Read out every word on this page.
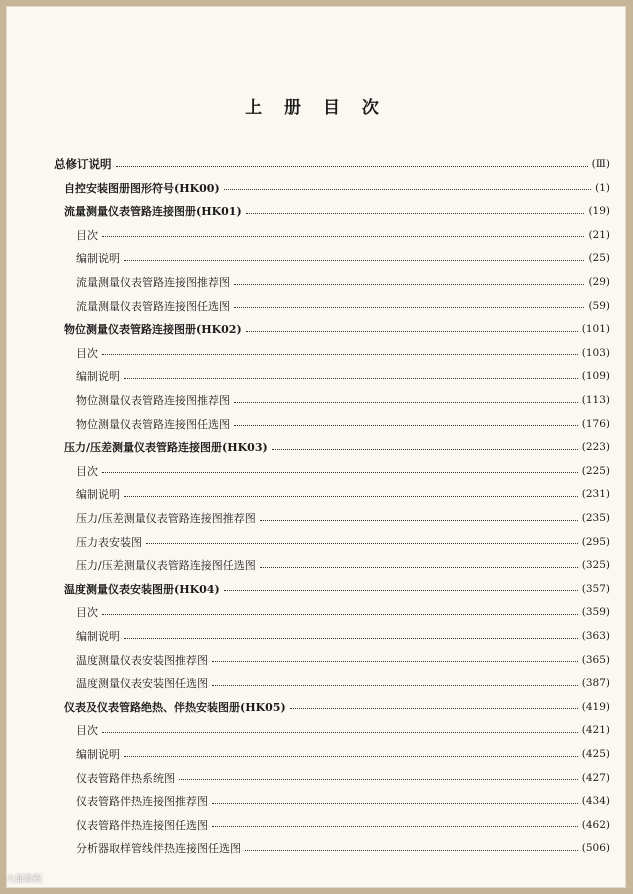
上 册 目 次
总修订说明	(Ⅲ)
自控安装图册图形符号(HK00)	(1)
流量测量仪表管路连接图册(HK01)	(19)
目次	(21)
编制说明	(25)
流量测量仪表管路连接图推荐图	(29)
流量测量仪表管路连接图任选图	(59)
物位测量仪表管路连接图册(HK02)	(101)
目次	(103)
编制说明	(109)
物位测量仪表管路连接图推荐图	(113)
物位测量仪表管路连接图任选图	(176)
压力/压差测量仪表管路连接图册(HK03)	(223)
目次	(225)
编制说明	(231)
压力/压差测量仪表管路连接图推荐图	(235)
压力表安装图	(295)
压力/压差测量仪表管路连接图任选图	(325)
温度测量仪表安装图册(HK04)	(357)
目次	(359)
编制说明	(363)
温度测量仪表安装图推荐图	(365)
温度测量仪表安装图任选图	(387)
仪表及仪表管路绝热、伴热安装图册(HK05)	(419)
目次	(421)
编制说明	(425)
仪表管路伴热系统图	(427)
仪表管路伴热连接图推荐图	(434)
仪表管路伴热连接图任选图	(462)
分析器取样管线伴热连接图任选图	(506)
大鼎教程
